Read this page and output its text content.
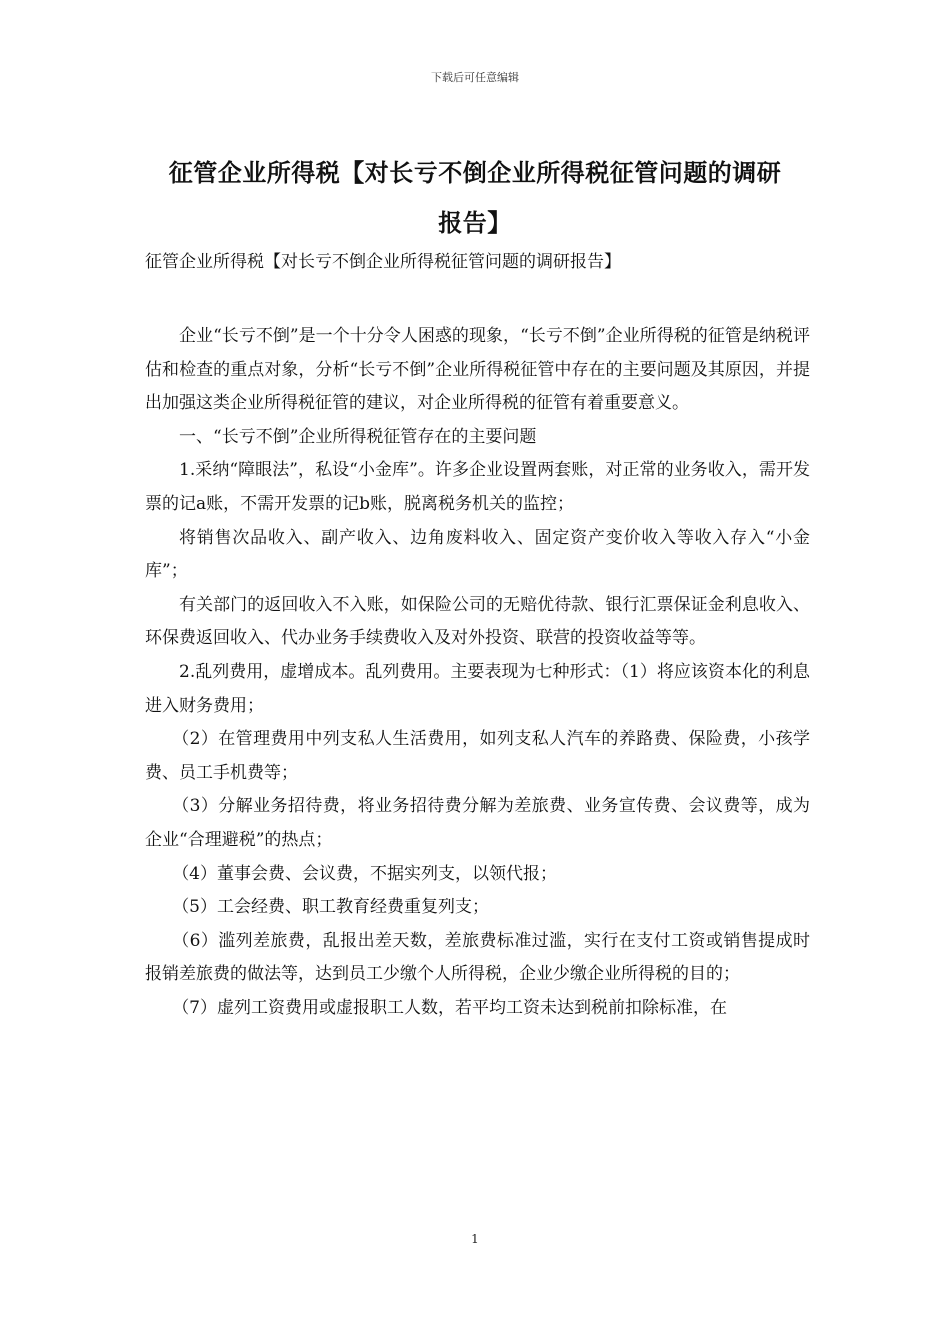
下载后可任意编辑
征管企业所得税【对长亏不倒企业所得税征管问题的调研
报告】
征管企业所得税【对长亏不倒企业所得税征管问题的调研报告】

企业“长亏不倒”是一个十分令人困惑的现象，“长亏不倒”企业所得税的征管是纳税评估和检查的重点对象，分析“长亏不倒”企业所得税征管中存在的主要问题及其原因，并提出加强这类企业所得税征管的建议，对企业所得税的征管有着重要意义。

一、“长亏不倒”企业所得税征管存在的主要问题

1.采纳“障眼法”，私设“小金库”。许多企业设置两套账，对正常的业务收入，需开发票的记a账，不需开发票的记b账，脱离税务机关的监控；

将销售次品收入、副产收入、边角废料收入、固定资产变价收入等收入存入“小金库”；

有关部门的返回收入不入账，如保险公司的无赔优待款、银行汇票保证金利息收入、环保费返回收入、代办业务手续费收入及对外投资、联营的投资收益等等。

2.乱列费用，虚增成本。乱列费用。主要表现为七种形式：（1）将应该资本化的利息进入财务费用；

（2）在管理费用中列支私人生活费用，如列支私人汽车的养路费、保险费，小孩学费、员工手机费等；

（3）分解业务招待费，将业务招待费分解为差旅费、业务宣传费、会议费等，成为企业“合理避税”的热点；

（4）董事会费、会议费，不据实列支，以领代报；

（5）工会经费、职工教育经费重复列支；

（6）滥列差旅费，乱报出差天数，差旅费标准过滥，实行在支付工资或销售提成时报销差旅费的做法等，达到员工少缴个人所得税，企业少缴企业所得税的目的；

（7）虚列工资费用或虚报职工人数，若平均工资未达到税前扣除标准，在

1
